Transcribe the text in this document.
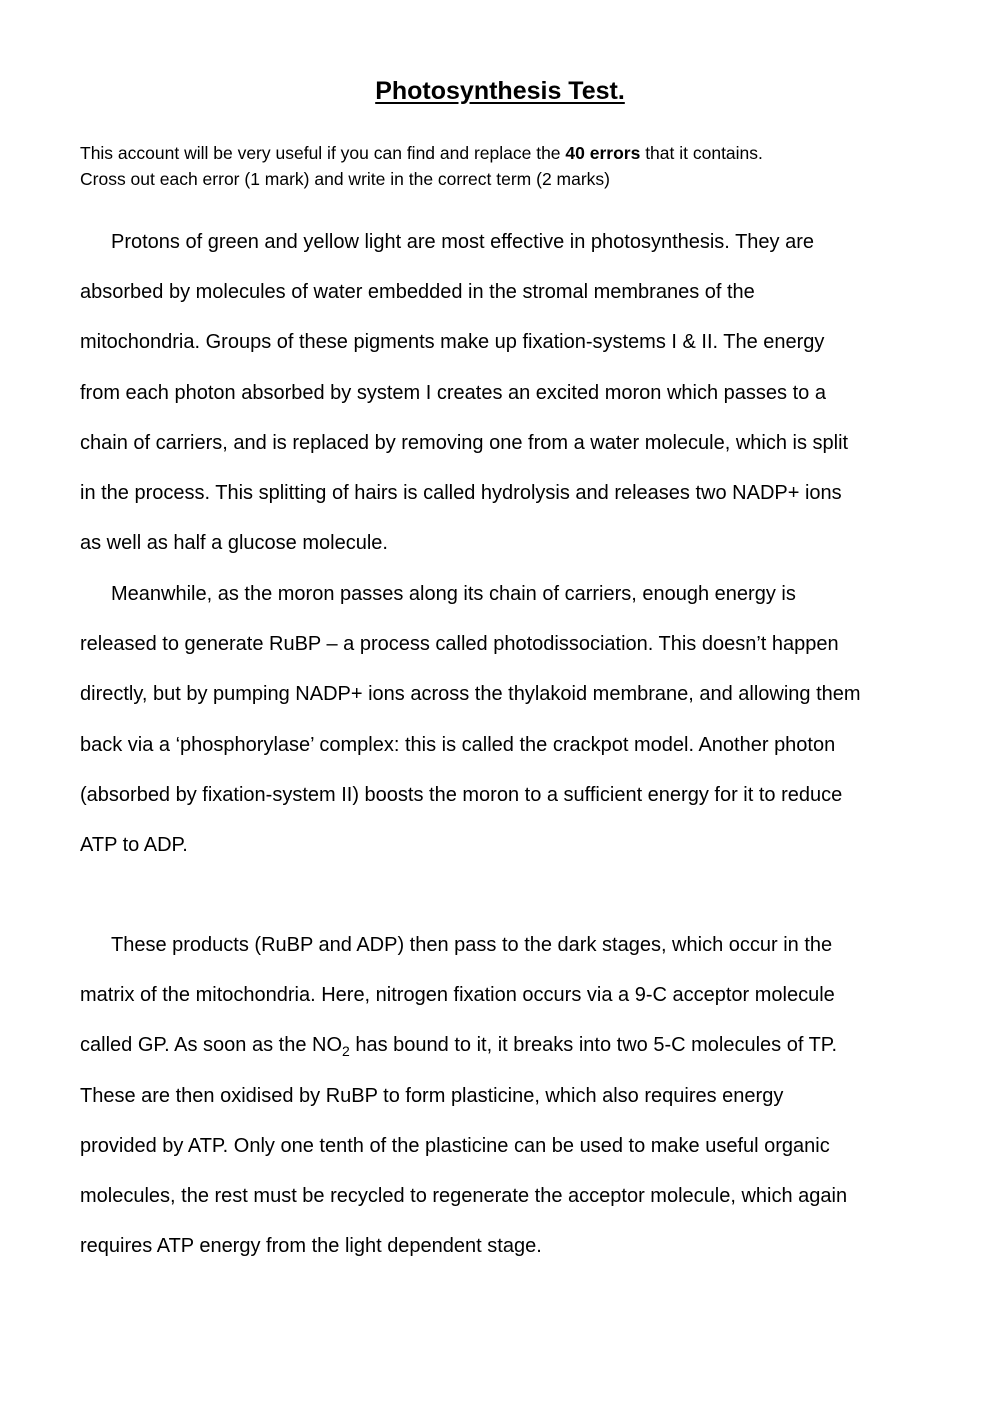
Photosynthesis Test.

This account will be very useful if you can find and replace the 40 errors that it contains.
Cross out each error (1 mark) and write in the correct term (2 marks)

Protons of green and yellow light are most effective in photosynthesis. They are
absorbed by molecules of water embedded in the stromal membranes of the
mitochondria. Groups of these pigments make up fixation-systems I & II. The energy
from each photon absorbed by system I creates an excited moron which passes to a
chain of carriers, and is replaced by removing one from a water molecule, which is split
in the process. This splitting of hairs is called hydrolysis and releases two NADP+ ions
as well as half a glucose molecule.
Meanwhile, as the moron passes along its chain of carriers, enough energy is
released to generate RuBP – a process called photodissociation. This doesn’t happen
directly, but by pumping NADP+ ions across the thylakoid membrane, and allowing them
back via a ‘phosphorylase’ complex: this is called the crackpot model. Another photon
(absorbed by fixation-system II) boosts the moron to a sufficient energy for it to reduce
ATP to ADP.
These products (RuBP and ADP) then pass to the dark stages, which occur in the
matrix of the mitochondria. Here, nitrogen fixation occurs via a 9-C acceptor molecule
called GP. As soon as the $NO_2$ has bound to it, it breaks into two 5-C molecules of TP.
These are then oxidised by RuBP to form plasticine, which also requires energy
provided by ATP. Only one tenth of the plasticine can be used to make useful organic
molecules, the rest must be recycled to regenerate the acceptor molecule, which again
requires ATP energy from the light dependent stage.
